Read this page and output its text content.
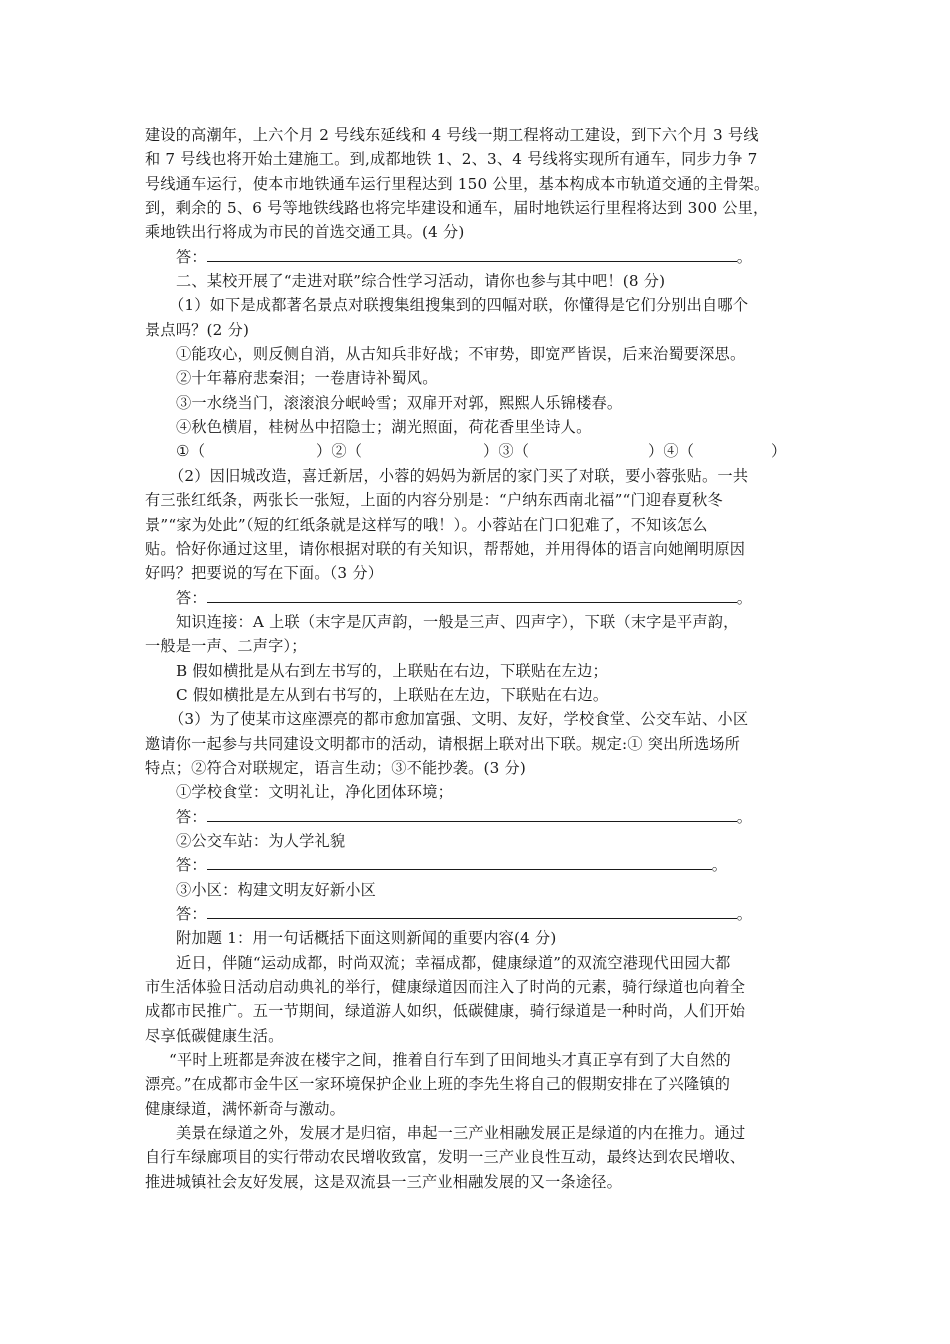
建设的高潮年，上六个月 2 号线东延线和 4 号线一期工程将动工建设，到下六个月 3 号线
和 7 号线也将开始土建施工。到,成都地铁 1、2、3、4 号线将实现所有通车，同步力争 7
号线通车运行，使本市地铁通车运行里程达到 150 公里，基本构成本市轨道交通的主骨架。
到，剩余的 5、6 号等地铁线路也将完毕建设和通车，届时地铁运行里程将达到 300 公里，
乘地铁出行将成为市民的首选交通工具。(4 分)
答：	。
二、某校开展了“走进对联”综合性学习活动，请你也参与其中吧！(8 分)
（1）如下是成都著名景点对联搜集组搜集到的四幅对联，你懂得是它们分别出自哪个
景点吗？(2 分)
①能攻心，则反侧自消，从古知兵非好战；不审势，即宽严皆误，后来治蜀要深思。
②十年幕府悲秦泪；一卷唐诗补蜀风。
③一水绕当门，滚滚浪分岷岭雪；双扉开对郭，熙熙人乐锦楼春。
④秋色横眉，桂树丛中招隐士；湖光照面，荷花香里坐诗人。
①（	）②（	）③（	）④（	）
（2）因旧城改造，喜迁新居，小蓉的妈妈为新居的家门买了对联，要小蓉张贴。一共
有三张红纸条，两张长一张短，上面的内容分别是：“户纳东西南北福”“门迎春夏秋冬
景”“家为处此”（短的红纸条就是这样写的哦！）。小蓉站在门口犯难了，不知该怎么
贴。恰好你通过这里，请你根据对联的有关知识，帮帮她，并用得体的语言向她阐明原因
好吗？把要说的写在下面。（3 分）
答：	。
知识连接：A 上联（末字是仄声韵，一般是三声、四声字），下联（末字是平声韵，
一般是一声、二声字）；
B 假如横批是从右到左书写的，上联贴在右边，下联贴在左边；
C 假如横批是左从到右书写的，上联贴在左边，下联贴在右边。
（3）为了使某市这座漂亮的都市愈加富强、文明、友好，学校食堂、公交车站、小区
邀请你一起参与共同建设文明都市的活动，请根据上联对出下联。规定:① 突出所选场所
特点；②符合对联规定，语言生动；③不能抄袭。(3 分)
①学校食堂：文明礼让，净化团体环境；
答：	。
②公交车站：为人学礼貌
答：	。
③小区：构建文明友好新小区
答：	。
附加题 1：用一句话概括下面这则新闻的重要内容(4 分)
近日，伴随“运动成都，时尚双流；幸福成都，健康绿道”的双流空港现代田园大都
市生活体验日活动启动典礼的举行，健康绿道因而注入了时尚的元素，骑行绿道也向着全
成都市民推广。五一节期间，绿道游人如织，低碳健康，骑行绿道是一种时尚，人们开始
尽享低碳健康生活。
“平时上班都是奔波在楼宇之间，推着自行车到了田间地头才真正享有到了大自然的
漂亮。”在成都市金牛区一家环境保护企业上班的李先生将自己的假期安排在了兴隆镇的
健康绿道，满怀新奇与激动。
美景在绿道之外，发展才是归宿，串起一三产业相融发展正是绿道的内在推力。通过
自行车绿廊项目的实行带动农民增收致富，发明一三产业良性互动，最终达到农民增收、
推进城镇社会友好发展，这是双流县一三产业相融发展的又一条途径。
